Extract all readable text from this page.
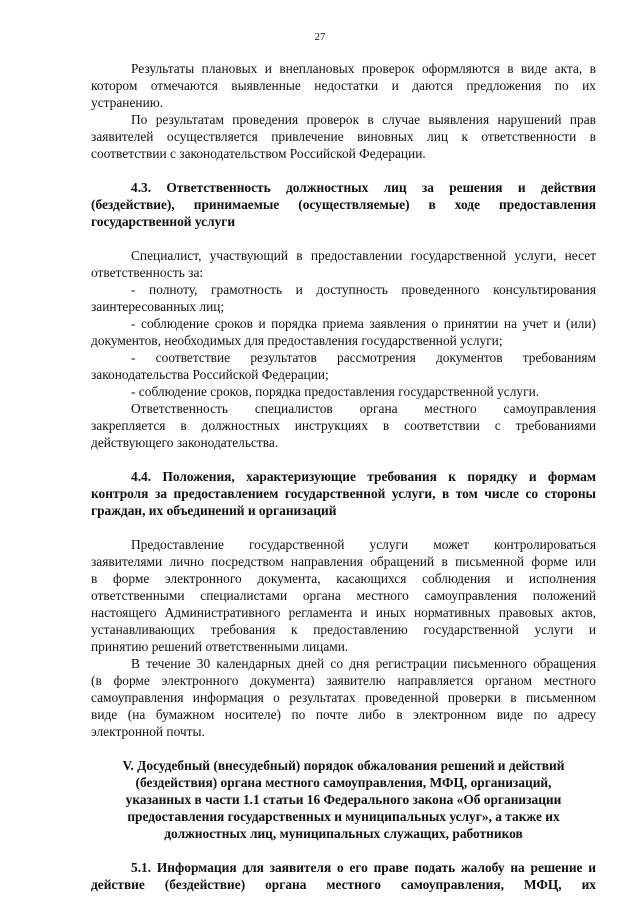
27
Результаты плановых и внеплановых проверок оформляются в виде акта, в
котором отмечаются выявленные недостатки и даются предложения по их
устранению.
По результатам проведения проверок в случае выявления нарушений прав
заявителей осуществляется привлечение виновных лиц к ответственности в
соответствии с законодательством Российской Федерации.
4.3. Ответственность должностных лиц за решения и действия
(бездействие), принимаемые (осуществляемые) в ходе предоставления
государственной услуги
Специалист, участвующий в предоставлении государственной услуги, несет
ответственность за:
- полноту, грамотность и доступность проведенного консультирования
заинтересованных лиц;
- соблюдение сроков и порядка приема заявления о принятии на учет и (или)
документов, необходимых для предоставления государственной услуги;
- соответствие результатов рассмотрения документов требованиям
законодательства Российской Федерации;
- соблюдение сроков, порядка предоставления государственной услуги.
Ответственность специалистов органа местного самоуправления
закрепляется в должностных инструкциях в соответствии с требованиями
действующего законодательства.
4.4. Положения, характеризующие требования к порядку и формам
контроля за предоставлением государственной услуги, в том числе со стороны
граждан, их объединений и организаций
Предоставление государственной услуги может контролироваться
заявителями лично посредством направления обращений в письменной форме или
в форме электронного документа, касающихся соблюдения и исполнения
ответственными специалистами органа местного самоуправления положений
настоящего Административного регламента и иных нормативных правовых актов,
устанавливающих требования к предоставлению государственной услуги и
принятию решений ответственными лицами.
В течение 30 календарных дней со дня регистрации письменного обращения
(в форме электронного документа) заявителю направляется органом местного
самоуправления информация о результатах проведенной проверки в письменном
виде (на бумажном носителе) по почте либо в электронном виде по адресу
электронной почты.
V. Досудебный (внесудебный) порядок обжалования решений и действий
(бездействия) органа местного самоуправления, МФЦ, организаций,
указанных в части 1.1 статьи 16 Федерального закона «Об организации
предоставления государственных и муниципальных услуг», а также их
должностных лиц, муниципальных служащих, работников
5.1. Информация для заявителя о его праве подать жалобу на решение и
действие (бездействие) органа местного самоуправления, МФЦ, их
